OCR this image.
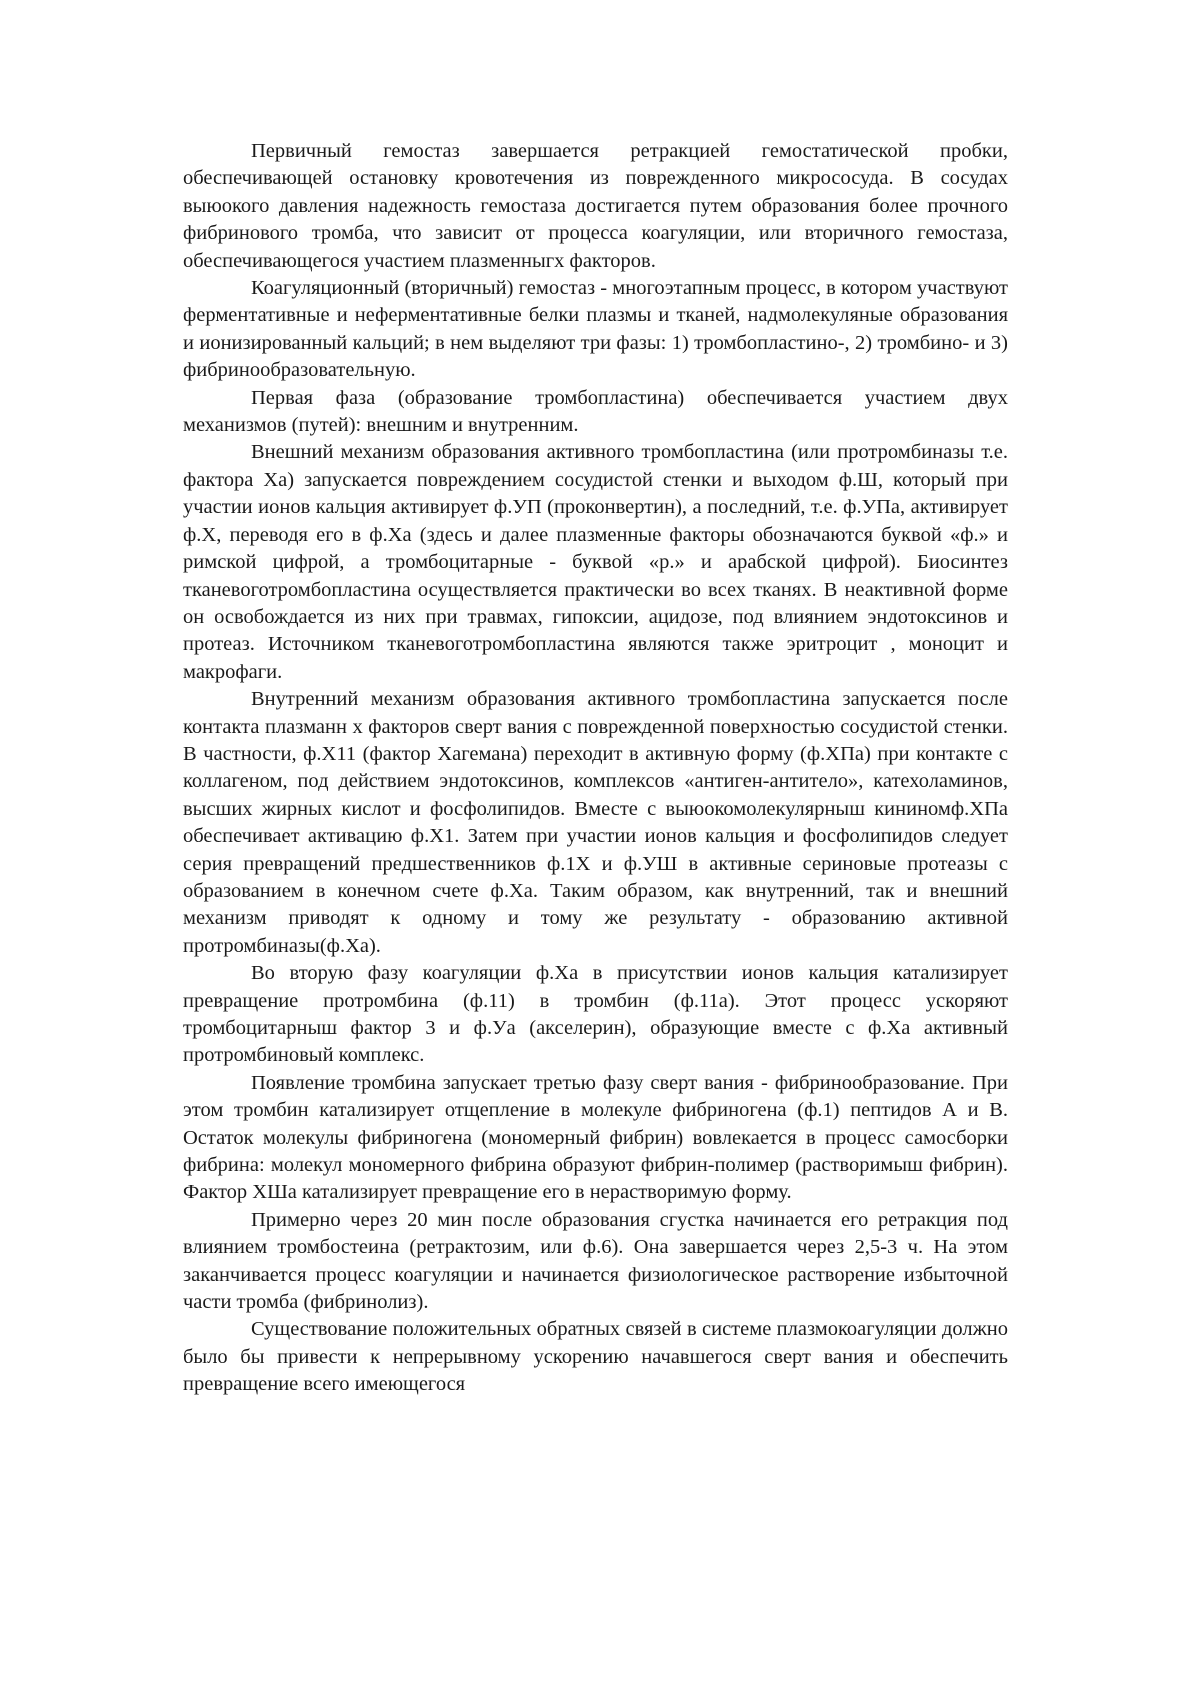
Первичный гемостаз завершается ретракцией гемостатической пробки, обеспечивающей остановку кровотечения из поврежденного микрососуда. В сосудах выюокого давления надежность гемостаза достигается путем образования более прочного фибринового тромба, что зависит от процесса коагуляции, или вторичного гемостаза, обеспечивающегося участием плазменныгх факторов.

Коагуляционный (вторичный) гемостаз - многоэтапным процесс, в котором участвуют ферментативные и неферментативные белки плазмы и тканей, надмолекуляные образования и ионизированный кальций; в нем выделяют три фазы: 1) тромбопластино-, 2) тромбино- и 3) фибринообразовательную.

Первая фаза (образование тромбопластина) обеспечивается участием двух механизмов (путей): внешним и внутренним.

Внешний механизм образования активного тромбопластина (или протромбиназы т.е. фактора Ха) запускается повреждением сосудистой стенки и выходом ф.Ш, который при участии ионов кальция активирует ф.УП (проконвертин), а последний, т.е. ф.УПа, активирует ф.Х, переводя его в ф.Ха (здесь и далее плазменные факторы обозначаются буквой «ф.» и римской цифрой, а тромбоцитарные - буквой «р.» и арабской цифрой). Биосинтез тканевоготромбопластина осуществляется практически во всех тканях. В неактивной форме он освобождается из них при травмах, гипоксии, ацидозе, под влиянием эндотоксинов и протеаз. Источником тканевоготромбопластина являются также эритроцит , моноцит и макрофаги.

Внутренний механизм образования активного тромбопластина запускается после контакта плазманн х факторов сверт вания с поврежденной поверхностью сосудистой стенки. В частности, ф.Х11 (фактор Хагемана) переходит в активную форму (ф.ХПа) при контакте с коллагеном, под действием эндотоксинов, комплексов «антиген-антитело», катехоламинов, высших жирных кислот и фосфолипидов. Вместе с выюокомолекулярныш кининомф.ХПа обеспечивает активацию ф.Х1. Затем при участии ионов кальция и фосфолипидов следует серия превращений предшественников ф.1Х и ф.УШ в активные сериновые протеазы с образованием в конечном счете ф.Ха. Таким образом, как внутренний, так и внешний механизм приводят к одному и тому же результату - образованию активной протромбиназы(ф.Ха).

Во вторую фазу коагуляции ф.Ха в присутствии ионов кальция катализирует превращение протромбина (ф.11) в тромбин (ф.11а). Этот процесс ускоряют тромбоцитарныш фактор 3 и ф.Уа (акселерин), образующие вместе с ф.Ха активный протромбиновый комплекс.

Появление тромбина запускает третью фазу сверт вания - фибринообразование. При этом тромбин катализирует отщепление в молекуле фибриногена (ф.1) пептидов А и В. Остаток молекулы фибриногена (мономерный фибрин) вовлекается в процесс самосборки фибрина: молекул мономерного фибрина образуют фибрин-полимер (растворимыш фибрин). Фактор ХШа катализирует превращение его в нерастворимую форму.

Примерно через 20 мин после образования сгустка начинается его ретракция под влиянием тромбостеина (ретрактозим, или ф.6). Она завершается через 2,5-3 ч. На этом заканчивается процесс коагуляции и начинается физиологическое растворение избыточной части тромба (фибринолиз).

Существование положительных обратных связей в системе плазмокоагуляции должно было бы привести к непрерывному ускорению начавшегося сверт вания и обеспечить превращение всего имеющегося
